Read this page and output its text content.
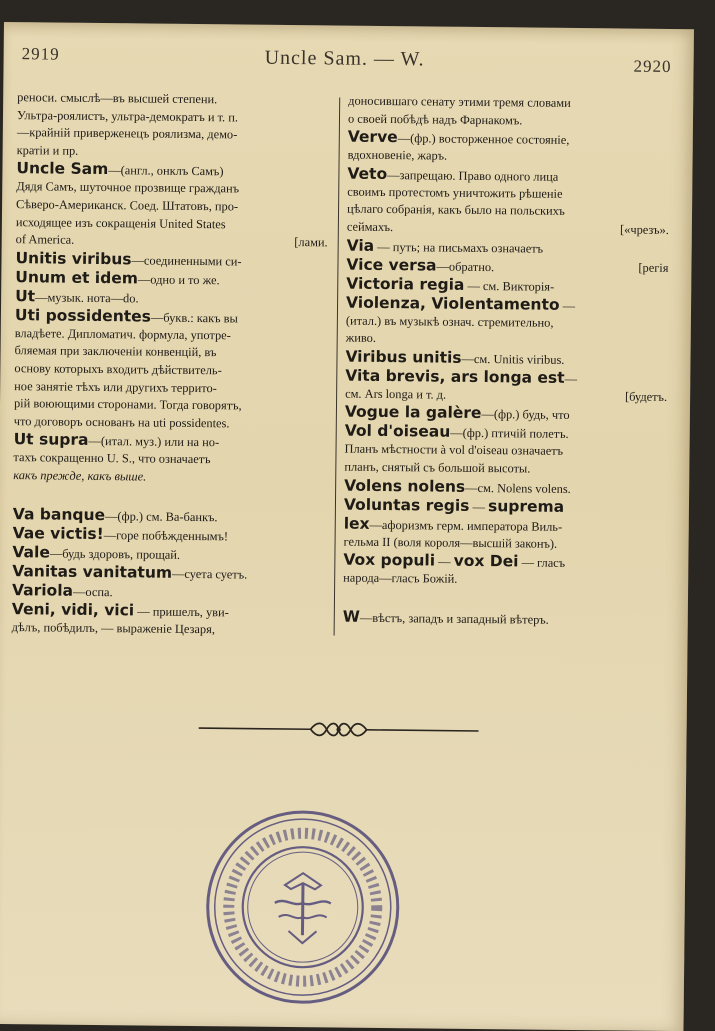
2919	Uncle Sam. — W.	2920
реноси. смыслѣ—въ высшей степени.
Ультра-роялистъ, ультра-демократъ и т. п.
—крайній приверженецъ роялизма, демо-
кратіи и пр.
Uncle Sam—(англ., онклъ Самъ)
Дядя Самъ, шуточное прозвище гражданъ
Сѣверо-Американск. Соед. Штатовъ, про-
исходящее изъ сокращенія United States
[лами.
of America.
Unitis viribus—соединенными си-
Unum et idem—одно и то же.
Ut—музык. нота—do.
Uti possidentes—букв.: какъ вы
владѣете. Дипломатич. формула, употре-
бляемая при заключеніи конвенцій, въ
основу которыхъ входитъ дѣйствитель-
ное занятіе тѣхъ или другихъ террито-
рій воюющими сторонами. Тогда говорятъ,
что договоръ основанъ на uti possidentes.
Ut supra—(итал. муз.) или на но-
тахъ сокращенно U. S., что означаетъ
какъ прежде, какъ выше.
Va banque—(фр.) см. Ва-банкъ.
Vae victis!—горе побѣжденнымъ!
Vale—будь здоровъ, прощай.
Vanitas vanitatum—суета суетъ.
Variola—оспа.
Veni, vidi, vici — пришелъ, уви-
дѣлъ, побѣдилъ, — выраженіе Цезаря,
доносившаго сенату этими тремя словами
о своей побѣдѣ надъ Фарнакомъ.
Verve—(фр.) восторженное состояніе,
вдохновеніе, жаръ.
Veto—запрещаю. Право одного лица
своимъ протестомъ уничтожить рѣшеніе
цѣлаго собранія, какъ было на польскихъ
[«чрезъ».
сеймахъ.
Via — путь; на письмахъ означаетъ
[регія
Vice versa—обратно.
Victoria regia — см. Викторія-
Violenza, Violentamento —
(итал.) въ музыкѣ означ. стремительно,
живо.
Viribus unitis—см. Unitis viribus.
Vita brevis, ars longa est—
[будетъ.
см. Ars longa и т. д.
Vogue la galère—(фр.) будь, что
Vol d'oiseau—(фр.) птичій полетъ.
Планъ мѣстности à vol d'oiseau означаетъ
планъ, снятый съ большой высоты.
Volens nolens—см. Nolens volens.
Voluntas regis — suprema
lex—афоризмъ герм. императора Виль-
гельма II (воля короля—высшій законъ).
Vox populi — vox Dei — гласъ
народа—гласъ Божій.
W—вѣстъ, западъ и западный вѣтеръ.
